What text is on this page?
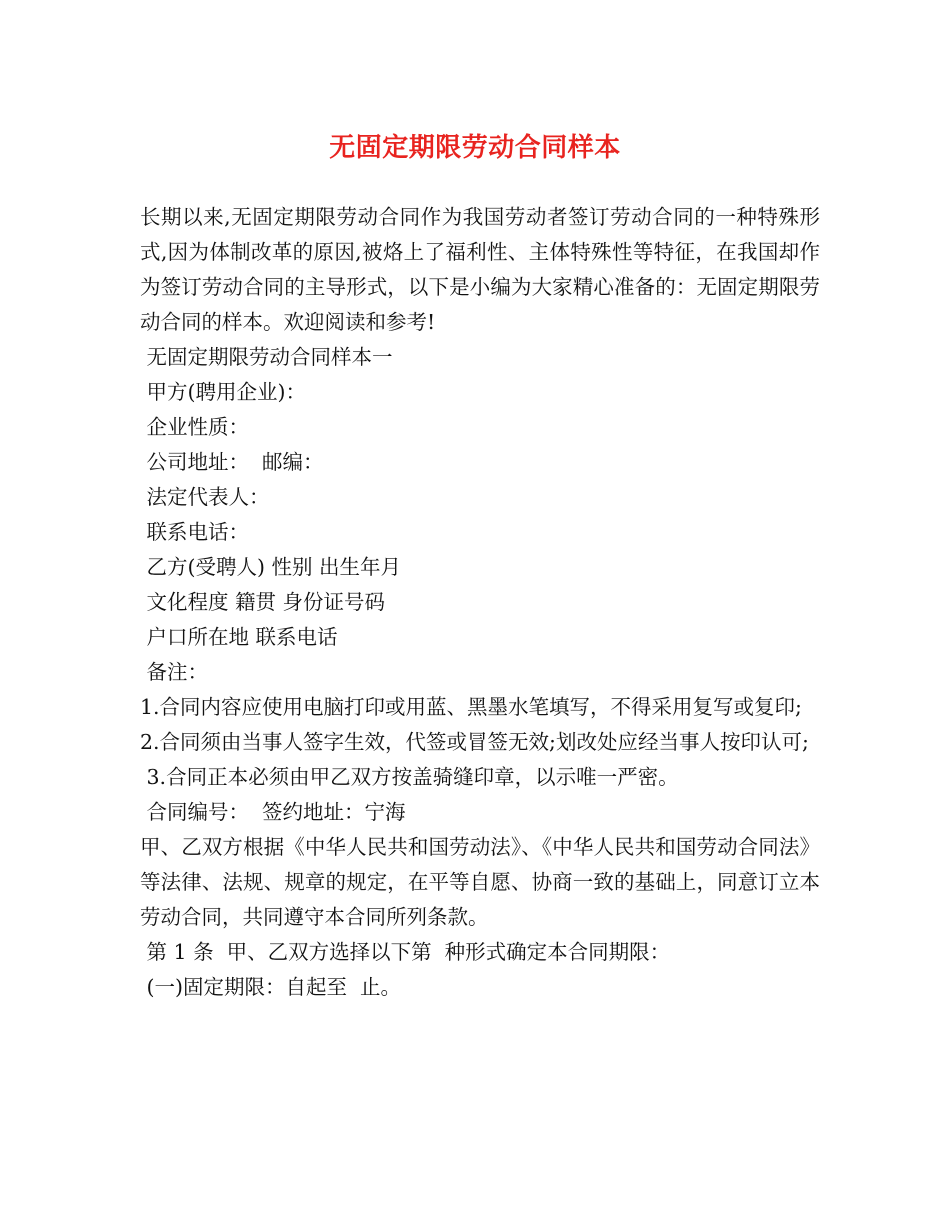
无固定期限劳动合同样本

长期以来,无固定期限劳动合同作为我国劳动者签订劳动合同的一种特殊形式,因为体制改革的原因,被烙上了福利性、主体特殊性等特征，在我国却作为签订劳动合同的主导形式，以下是小编为大家精心准备的：无固定期限劳动合同的样本。欢迎阅读和参考!

无固定期限劳动合同样本一

甲方(聘用企业)：

企业性质：

公司地址：  邮编：

法定代表人：

联系电话：

乙方(受聘人) 性别 出生年月

文化程度 籍贯 身份证号码

户口所在地 联系电话

备注：

1.合同内容应使用电脑打印或用蓝、黑墨水笔填写，不得采用复写或复印;

2.合同须由当事人签字生效，代签或冒签无效;划改处应经当事人按印认可;

3.合同正本必须由甲乙双方按盖骑缝印章，以示唯一严密。

合同编号：  签约地址：宁海

甲、乙双方根据《中华人民共和国劳动法》、《中华人民共和国劳动合同法》等法律、法规、规章的规定，在平等自愿、协商一致的基础上，同意订立本劳动合同，共同遵守本合同所列条款。

第 1 条  甲、乙双方选择以下第  种形式确定本合同期限：

(一)固定期限：自起至  止。
